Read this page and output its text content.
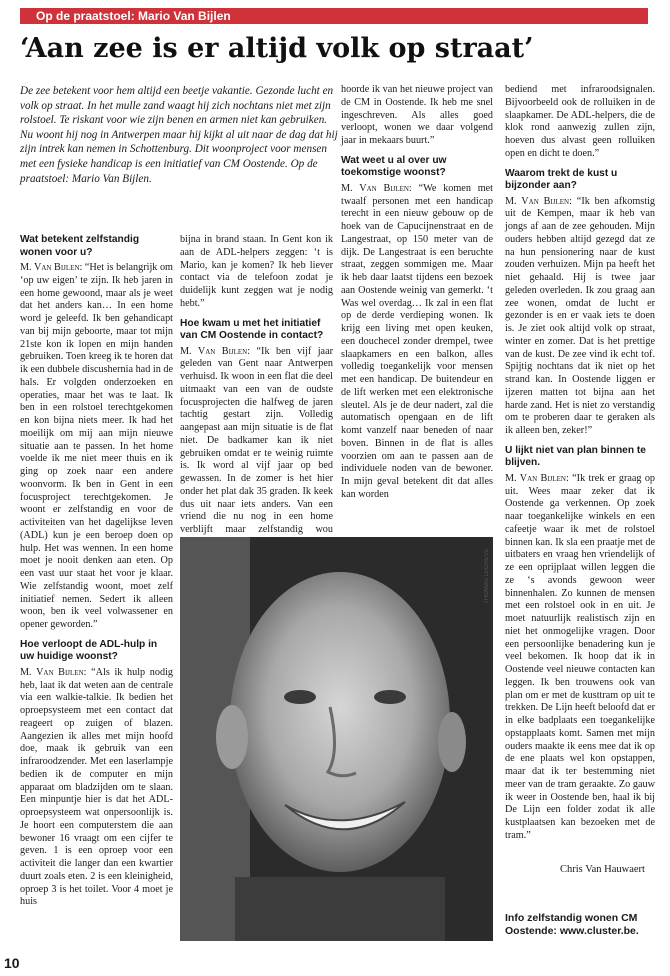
Op de praatstoel: Mario Van Bijlen
‘Aan zee is er altijd volk op straat’

De zee betekent voor hem altijd een beetje vakantie. Gezonde lucht en volk op straat. In het mulle zand waagt hij zich nochtans niet met zijn rolstoel. Te riskant voor wie zijn benen en armen niet kan gebruiken. Nu woont hij nog in Antwerpen maar hij kijkt al uit naar de dag dat hij zijn intrek kan nemen in Schottenburg. Dit woonproject voor mensen met een fysieke handicap is een initiatief van CM Oostende. Op de praatstoel: Mario Van Bijlen.

Wat betekent zelfstandig wonen voor u?

M. Van Bijlen: “Het is belangrijk om ‘op uw eigen’ te zijn. Ik heb jaren in een home gewoond, maar als je weet dat het anders kan… In een home word je geleefd. Ik ben gehandicapt van bij mijn geboorte, maar tot mijn 21ste kon ik lopen en mijn handen gebruiken. Toen kreeg ik te horen dat ik een dubbele discushernia had in de hals. Er volgden onderzoeken en operaties, maar het was te laat. Ik ben in een rolstoel terechtgekomen en kon bijna niets meer. Ik had het moeilijk om mij aan mijn nieuwe situatie aan te passen. In het home voelde ik me niet meer thuis en ik ging op zoek naar een andere woonvorm. Ik ben in Gent in een focusproject terechtgekomen. Je woont er zelfstandig en voor de activiteiten van het dagelijkse leven (ADL) kun je een beroep doen op hulp. Het was wennen. In een home moet je nooit denken aan eten. Op een vast uur staat het voor je klaar. Wie zelfstandig woont, moet zelf initiatief nemen. Sedert ik alleen woon, ben ik veel volwassener en opener geworden.”

Hoe verloopt de ADL-hulp in uw huidige woonst?

M. Van Bijlen: “Als ik hulp nodig heb, laat ik dat weten aan de centrale via een walkie-talkie. Ik bedien het oproepsysteem met een contact dat reageert op zuigen of blazen. Aangezien ik alles met mijn hoofd doe, maak ik gebruik van een infraroodzender. Met een laserlampje bedien ik de computer en mijn apparaat om bladzijden om te slaan. Een minpuntje hier is dat het ADL-oproepsysteem wat onpersoonlijk is. Je hoort een computerstem die aan bewoner 16 vraagt om een cijfer te geven. 1 is een oproep voor een activiteit die langer dan een kwartier duurt zoals eten. 2 is een kleinigheid, oproep 3 is het toilet. Voor 4 moet je huis

bijna in brand staan. In Gent kon ik aan de ADL-helpers zeggen: ‘t is Mario, kan je komen? Ik heb liever contact via de telefoon zodat je duidelijk kunt zeggen wat je nodig hebt.”

Hoe kwam u met het initiatief van CM Oostende in contact?

M. Van Bijlen: “Ik ben vijf jaar geleden van Gent naar Antwerpen verhuisd. Ik woon in een flat die deel uitmaakt van een van de oudste focusprojecten die halfweg de jaren tachtig gestart zijn. Volledig aangepast aan mijn situatie is de flat niet. De badkamer kan ik niet gebruiken omdat er te weinig ruimte is. Ik word al vijf jaar op bed gewassen. In de zomer is het hier onder het plat dak 35 graden. Ik keek dus uit naar iets anders. Van een vriend die nu nog in een home verblijft maar zelfstandig wou

hoorde ik van het nieuwe project van de CM in Oostende. Ik heb me snel ingeschreven. Als alles goed verloopt, wonen we daar volgend jaar in mekaars buurt.”

Wat weet u al over uw toekomstige woonst?

M. Van Bijlen: “We komen met twaalf personen met een handicap terecht in een nieuw gebouw op de hoek van de Capucijnenstraat en de Langestraat, op 150 meter van de dijk. De Langestraat is een beruchte straat, zeggen sommigen me. Maar ik heb daar laatst tijdens een bezoek aan Oostende weinig van gemerkt. ‘t Was wel overdag… Ik zal in een flat op de derde verdieping wonen. Ik krijg een living met open keuken, een douchecel zonder drempel, twee slaapkamers en een balkon, alles volledig toegankelijk voor mensen met een handicap. De buitendeur en de lift werken met een elektronische sleutel. Als je de deur nadert, zal die automatisch opengaan en de lift komt vanzelf naar beneden of naar boven. Binnen in de flat is alles voorzien om aan te passen aan de individuele noden van de bewoner. In mijn geval betekent dit dat alles kan worden

bediend met infraroodsignalen. Bijvoorbeeld ook de rolluiken in de slaapkamer. De ADL-helpers, die de klok rond aanwezig zullen zijn, hoeven dus alvast geen rolluiken open en dicht te doen.”

Waarom trekt de kust u bijzonder aan?

M. Van Bijlen: “Ik ben afkomstig uit de Kempen, maar ik heb van jongs af aan de zee gehouden. Mijn ouders hebben altijd gezegd dat ze na hun pensionering naar de kust zouden verhuizen. Mijn pa heeft het niet gehaald. Hij is twee jaar geleden overleden. Ik zou graag aan zee wonen, omdat de lucht er gezonder is en er vaak iets te doen is. Je ziet ook altijd volk op straat, winter en zomer. Dat is het prettige van de kust. De zee vind ik echt tof. Spijtig nochtans dat ik niet op het strand kan. In Oostende liggen er ijzeren matten tot bijna aan het harde zand. Het is niet zo verstandig om te proberen daar te geraken als ik alleen ben, zeker!”

U lijkt niet van plan binnen te blijven.

M. Van Bijlen: “Ik trek er graag op uit. Wees maar zeker dat ik Oostende ga verkennen. Op zoek naar toegankelijke winkels en een cafeetje waar ik met de rolstoel binnen kan. Ik sla een praatje met de uitbaters en vraag hen vriendelijk of ze een oprijplaat willen leggen die ze ‘s avonds gewoon weer binnenhalen. Zo kunnen de mensen met een rolstoel ook in en uit. Je moet natuurlijk realistisch zijn en niet het onmogelijke vragen. Door een persoonlijke benadering kun je veel bekomen. Ik hoop dat ik in Oostende veel nieuwe contacten kan leggen. Ik ben trouwens ook van plan om er met de kusttram op uit te trekken. De Lijn heeft beloofd dat er in elke badplaats een toegankelijke opstapplaats komt. Samen met mijn ouders maakte ik eens mee dat ik op de ene plaats wel kon opstappen, maar dat ik ter bestemming niet meer van de tram geraakte. Zo gauw ik weer in Oostende ben, haal ik bij De Lijn een folder zodat ik alle kustplaatsen kan bezoeken met de tram.”

THOMAS LEGREVE
Chris Van Hauwaert
Info zelfstandig wonen CM Oostende: www.cluster.be.
10
